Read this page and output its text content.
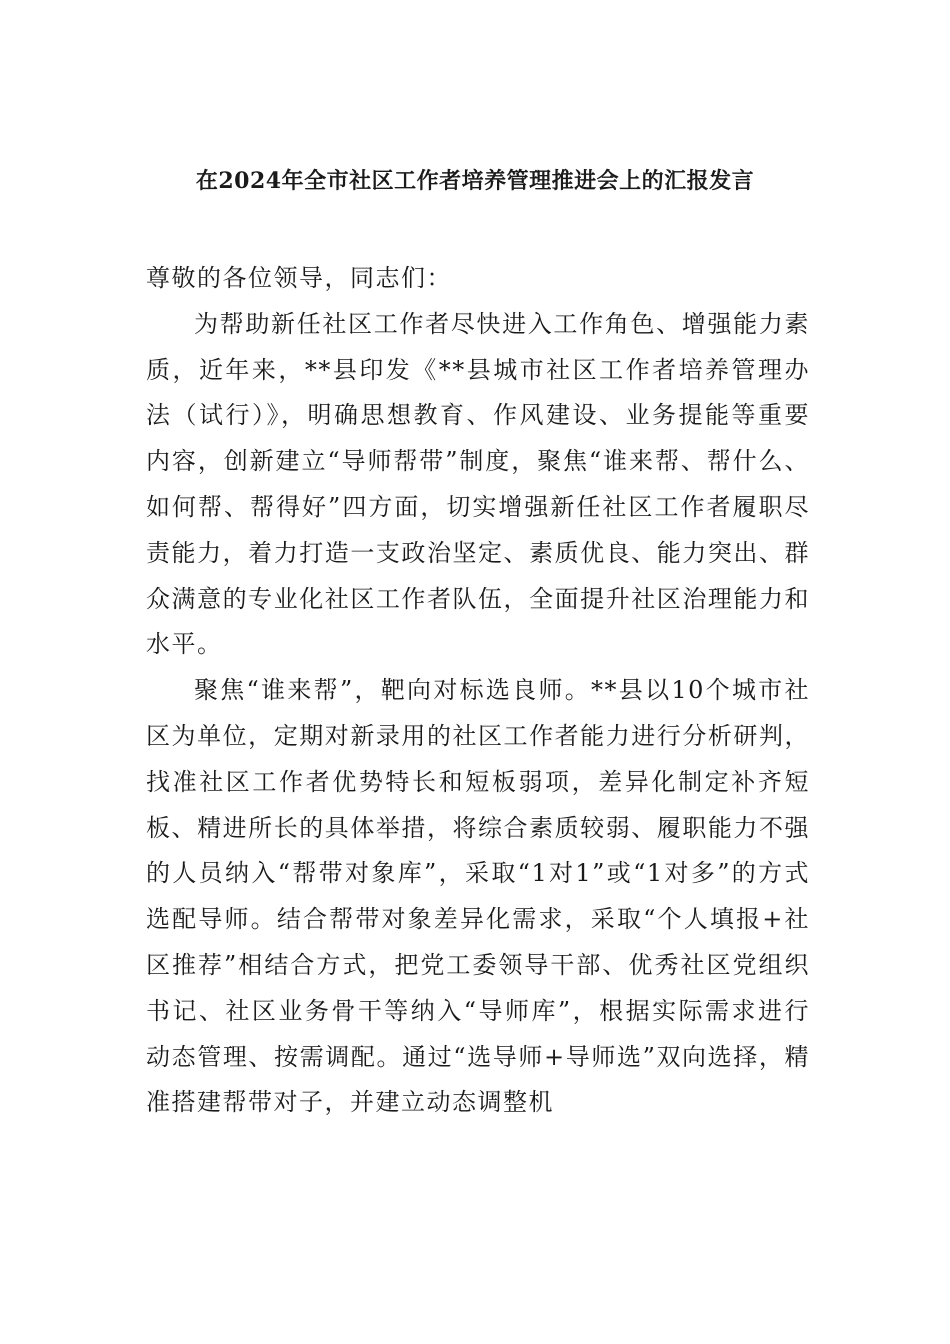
在2024年全市社区工作者培养管理推进会上的汇报发言

尊敬的各位领导，同志们：

为帮助新任社区工作者尽快进入工作角色、增强能力素质，近年来，**县印发《**县城市社区工作者培养管理办法（试行）》，明确思想教育、作风建设、业务提能等重要内容，创新建立“导师帮带”制度，聚焦“谁来帮、帮什么、如何帮、帮得好”四方面，切实增强新任社区工作者履职尽责能力，着力打造一支政治坚定、素质优良、能力突出、群众满意的专业化社区工作者队伍，全面提升社区治理能力和水平。

聚焦“谁来帮”，靶向对标选良师。**县以10个城市社区为单位，定期对新录用的社区工作者能力进行分析研判，找准社区工作者优势特长和短板弱项，差异化制定补齐短板、精进所长的具体举措，将综合素质较弱、履职能力不强的人员纳入“帮带对象库”，采取“1对1”或“1对多”的方式选配导师。结合帮带对象差异化需求，采取“个人填报+社区推荐”相结合方式，把党工委领导干部、优秀社区党组织书记、社区业务骨干等纳入“导师库”，根据实际需求进行动态管理、按需调配。通过“选导师+导师选”双向选择，精准搭建帮带对子，并建立动态调整机
